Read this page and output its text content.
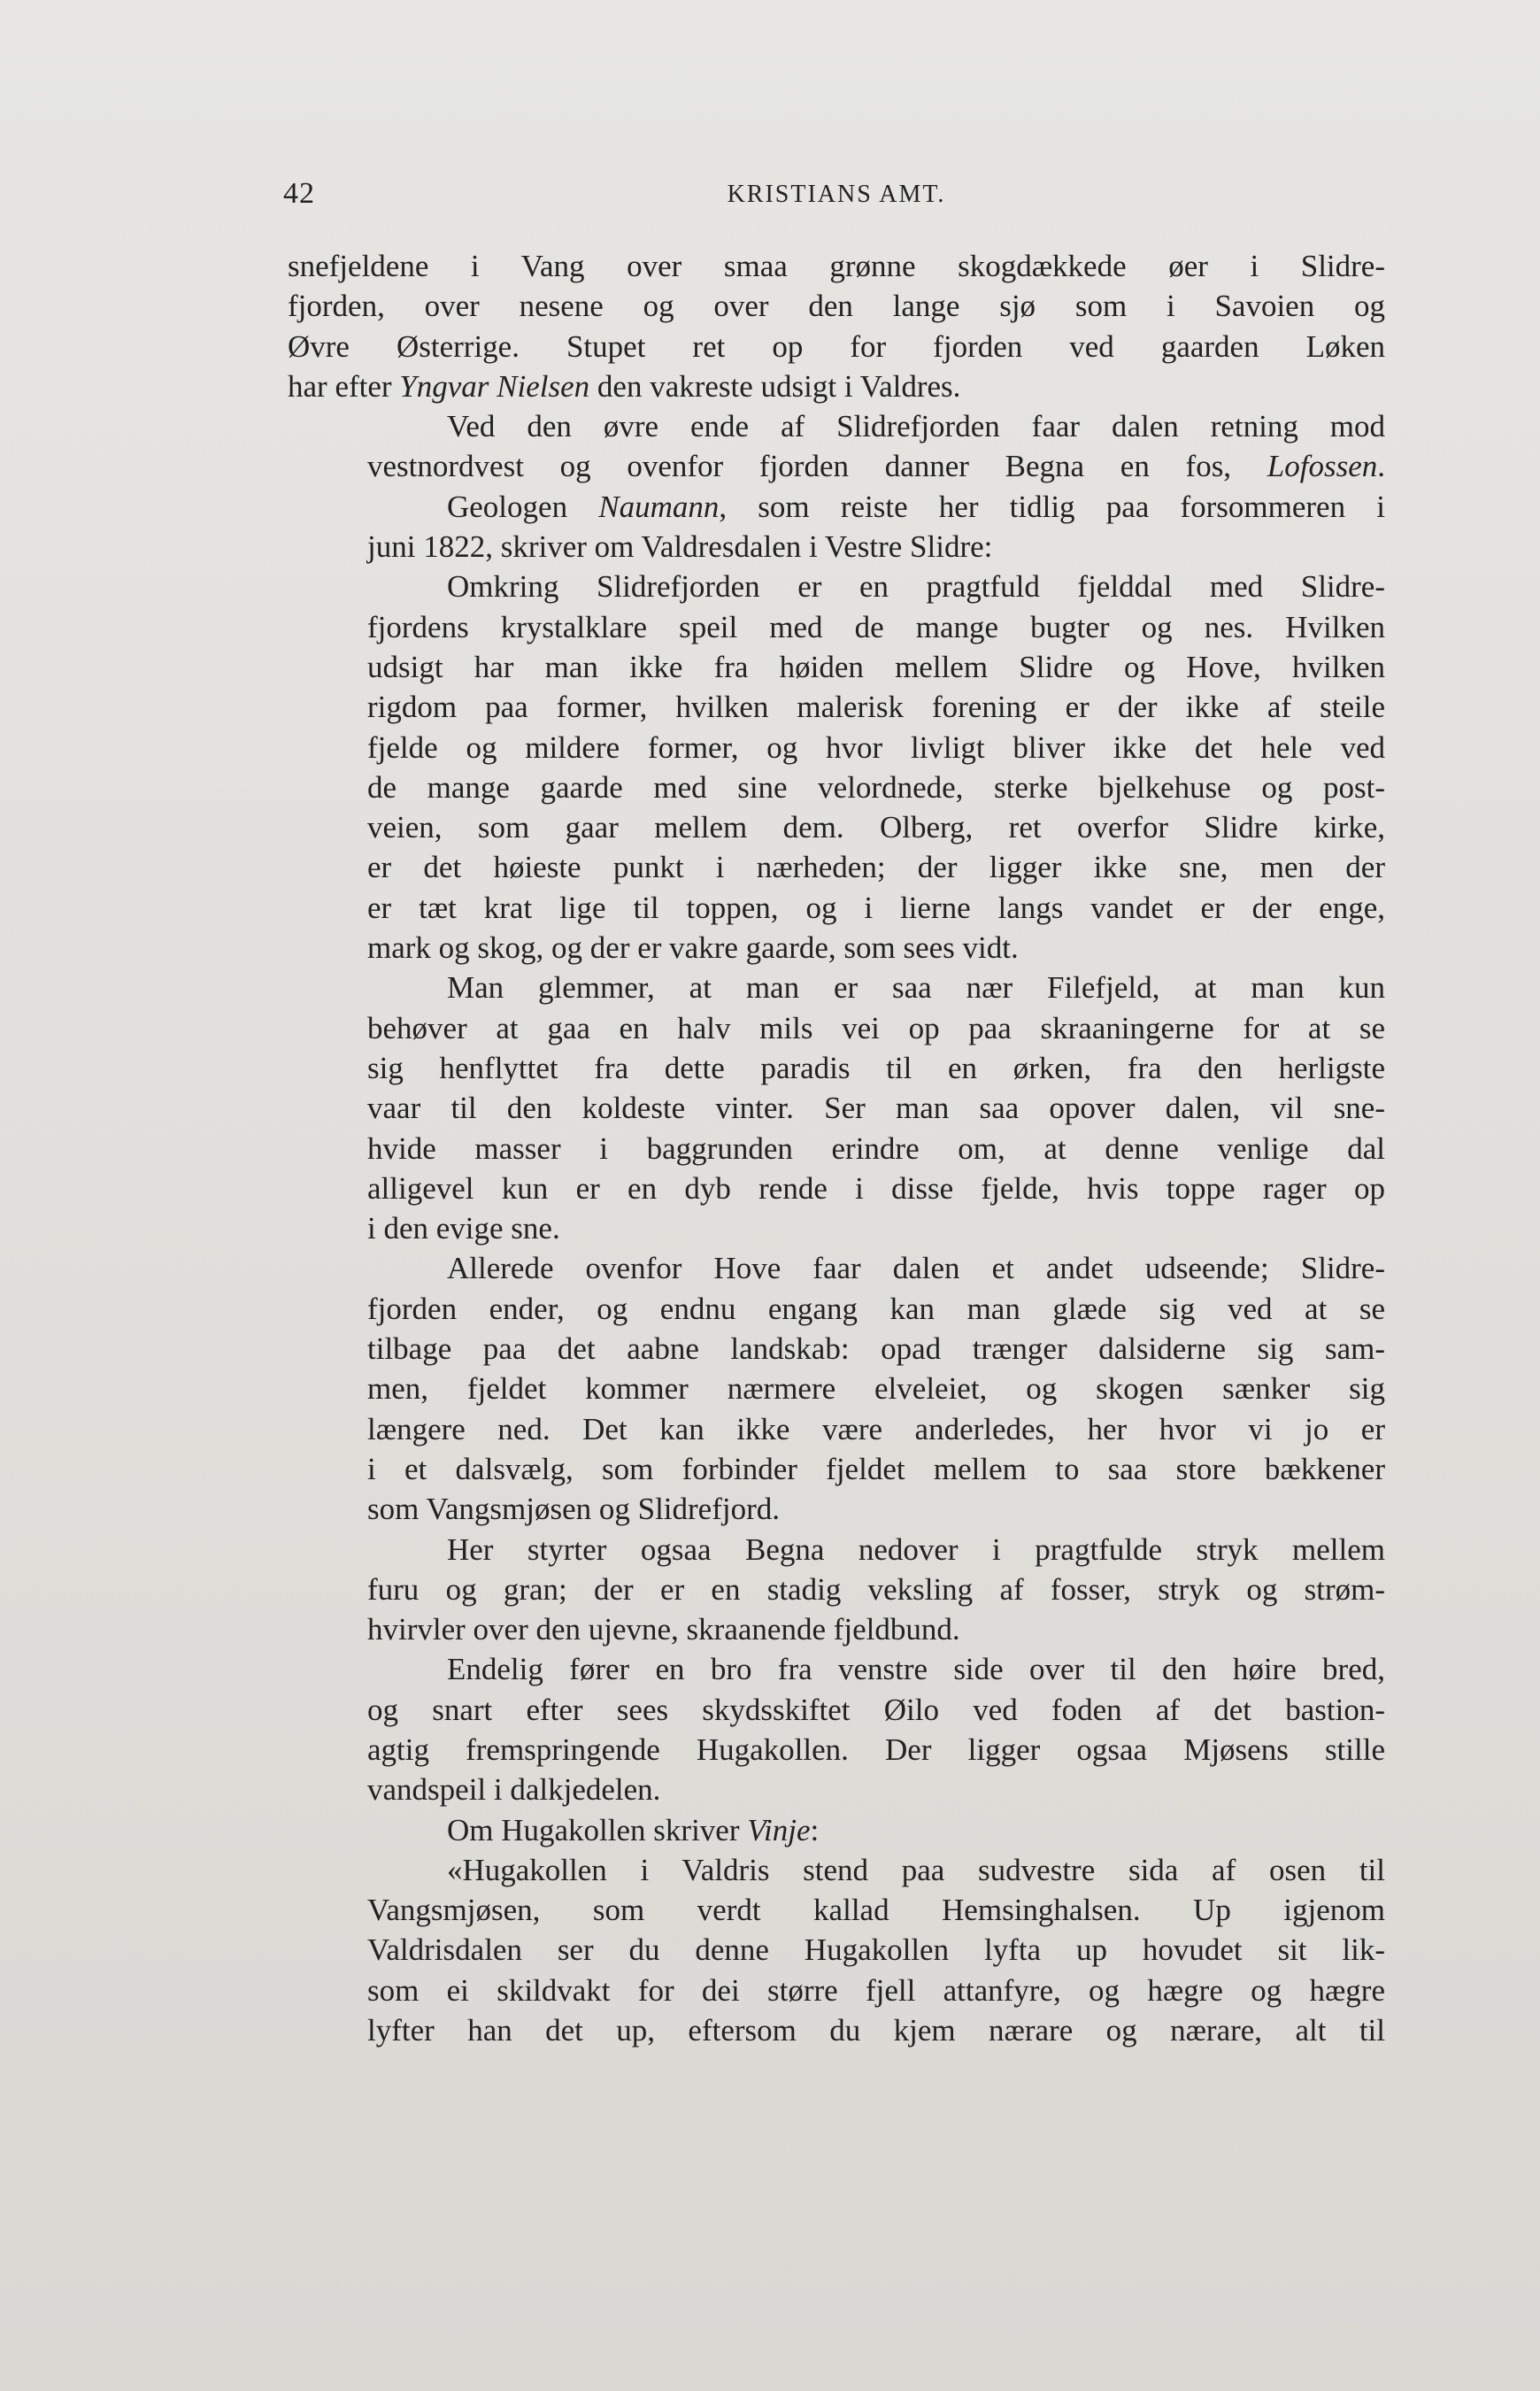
42	KRISTIANS AMT.

snefjeldene i Vang over smaa grønne skogdækkede øer i Slidre-
fjorden, over nesene og over den lange sjø som i Savoien og
Øvre Østerrige. Stupet ret op for fjorden ved gaarden Løken
har efter Yngvar Nielsen den vakreste udsigt i Valdres.

Ved den øvre ende af Slidrefjorden faar dalen retning mod
vestnordvest og ovenfor fjorden danner Begna en fos, Lofossen.

Geologen Naumann, som reiste her tidlig paa forsommeren i
juni 1822, skriver om Valdresdalen i Vestre Slidre:

Omkring Slidrefjorden er en pragtfuld fjelddal med Slidre-
fjordens krystalklare speil med de mange bugter og nes. Hvilken
udsigt har man ikke fra høiden mellem Slidre og Hove, hvilken
rigdom paa former, hvilken malerisk forening er der ikke af steile
fjelde og mildere former, og hvor livligt bliver ikke det hele ved
de mange gaarde med sine velordnede, sterke bjelkehuse og post-
veien, som gaar mellem dem. Olberg, ret overfor Slidre kirke,
er det høieste punkt i nærheden; der ligger ikke sne, men der
er tæt krat lige til toppen, og i lierne langs vandet er der enge,
mark og skog, og der er vakre gaarde, som sees vidt.

Man glemmer, at man er saa nær Filefjeld, at man kun
behøver at gaa en halv mils vei op paa skraaningerne for at se
sig henflyttet fra dette paradis til en ørken, fra den herligste
vaar til den koldeste vinter. Ser man saa opover dalen, vil sne-
hvide masser i baggrunden erindre om, at denne venlige dal
alligevel kun er en dyb rende i disse fjelde, hvis toppe rager op
i den evige sne.

Allerede ovenfor Hove faar dalen et andet udseende; Slidre-
fjorden ender, og endnu engang kan man glæde sig ved at se
tilbage paa det aabne landskab: opad trænger dalsiderne sig sam-
men, fjeldet kommer nærmere elveleiet, og skogen sænker sig
længere ned. Det kan ikke være anderledes, her hvor vi jo er
i et dalsvælg, som forbinder fjeldet mellem to saa store bækkener
som Vangsmjøsen og Slidrefjord.

Her styrter ogsaa Begna nedover i pragtfulde stryk mellem
furu og gran; der er en stadig veksling af fosser, stryk og strøm-
hvirvler over den ujevne, skraanende fjeldbund.

Endelig fører en bro fra venstre side over til den høire bred,
og snart efter sees skydsskiftet Øilo ved foden af det bastion-
agtig fremspringende Hugakollen. Der ligger ogsaa Mjøsens stille
vandspeil i dalkjedelen.

Om Hugakollen skriver Vinje:

«Hugakollen i Valdris stend paa sudvestre sida af osen til
Vangsmjøsen, som verdt kallad Hemsinghalsen. Up igjenom
Valdrisdalen ser du denne Hugakollen lyfta up hovudet sit lik-
som ei skildvakt for dei større fjell attanfyre, og hægre og hægre
lyfter han det up, eftersom du kjem nærare og nærare, alt til
